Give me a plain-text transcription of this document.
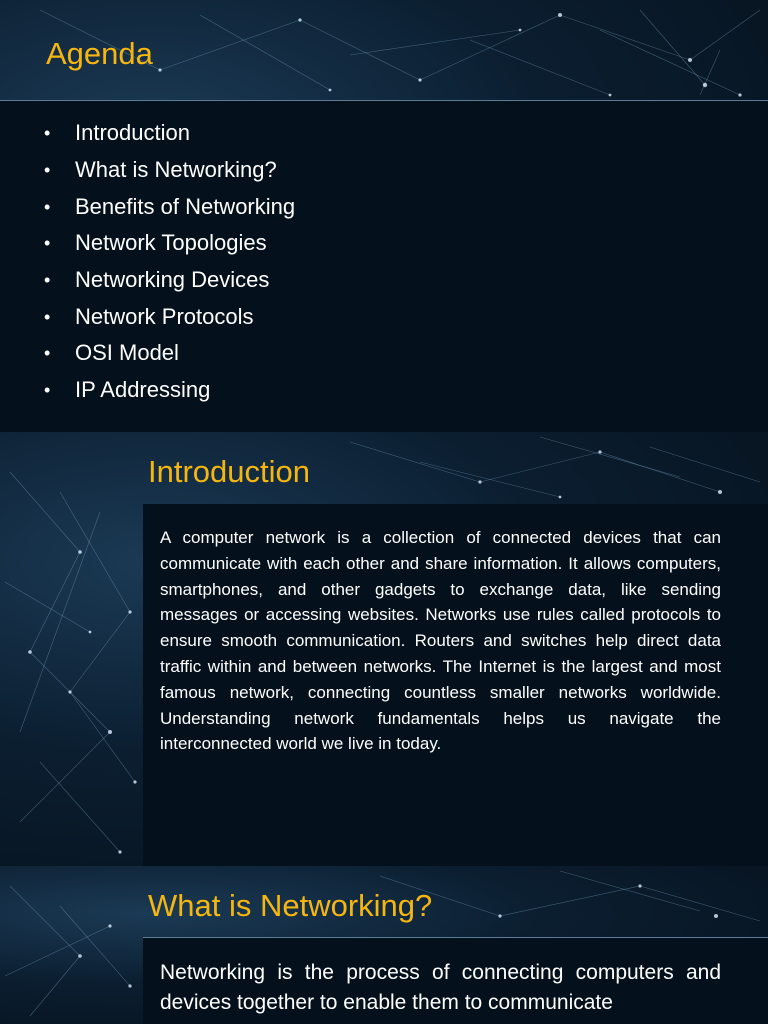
Agenda
•	Introduction
•	What is Networking?
•	Benefits of Networking
•	Network Topologies
•	Networking Devices
•	Network Protocols
•	OSI Model
•	IP Addressing
Introduction

A computer network is a collection of connected devices that can communicate with each other and share information. It allows computers, smartphones, and other gadgets to exchange data, like sending messages or accessing websites. Networks use rules called protocols to ensure smooth communication. Routers and switches help direct data traffic within and between networks. The Internet is the largest and most famous network, connecting countless smaller networks worldwide. Understanding network fundamentals helps us navigate the interconnected world we live in today.

What is Networking?

Networking is the process of connecting computers and devices together to enable them to communicate
